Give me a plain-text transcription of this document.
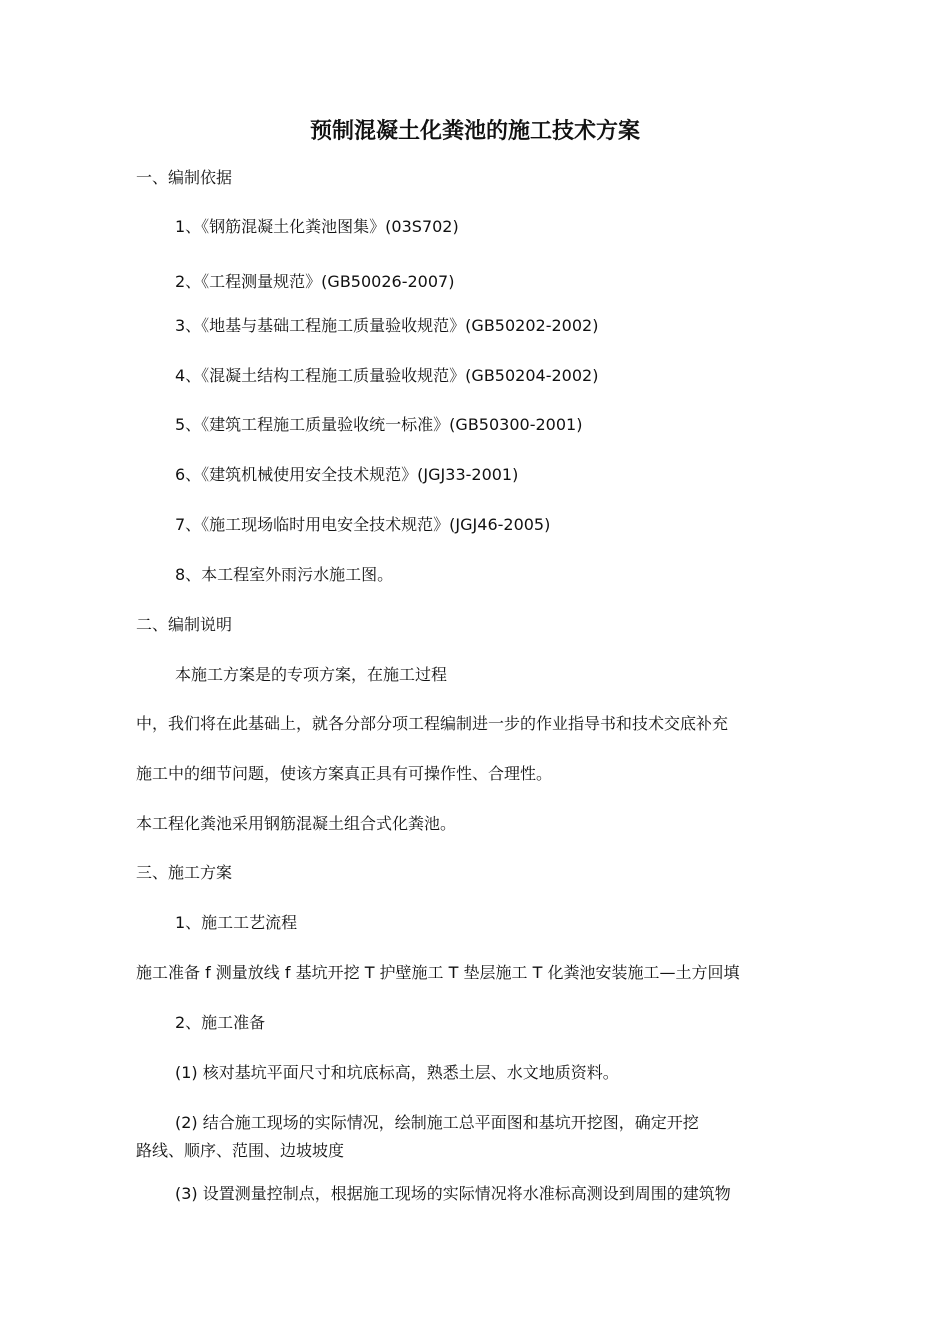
预制混凝土化粪池的施工技术方案
一、编制依据
1、《钢筋混凝土化粪池图集》(03S702)
2、《工程测量规范》(GB50026-2007)
3、《地基与基础工程施工质量验收规范》(GB50202-2002)
4、《混凝土结构工程施工质量验收规范》(GB50204-2002)
5、《建筑工程施工质量验收统一标准》(GB50300-2001)
6、《建筑机械使用安全技术规范》(JGJ33-2001)
7、《施工现场临时用电安全技术规范》(JGJ46-2005)
8、本工程室外雨污水施工图。
二、编制说明
本施工方案是的专项方案，在施工过程
中，我们将在此基础上，就各分部分项工程编制进一步的作业指导书和技术交底补充
施工中的细节问题，使该方案真正具有可操作性、合理性。
本工程化粪池采用钢筋混凝土组合式化粪池。
三、施工方案
1、施工工艺流程
施工准备 f 测量放线 f 基坑开挖 T 护壁施工 T 垫层施工 T 化粪池安装施工—土方回填
2、施工准备
(1) 核对基坑平面尺寸和坑底标高，熟悉土层、水文地质资料。
(2) 结合施工现场的实际情况，绘制施工总平面图和基坑开挖图，确定开挖
路线、顺序、范围、边坡坡度
(3) 设置测量控制点，根据施工现场的实际情况将水准标高测设到周围的建筑物
